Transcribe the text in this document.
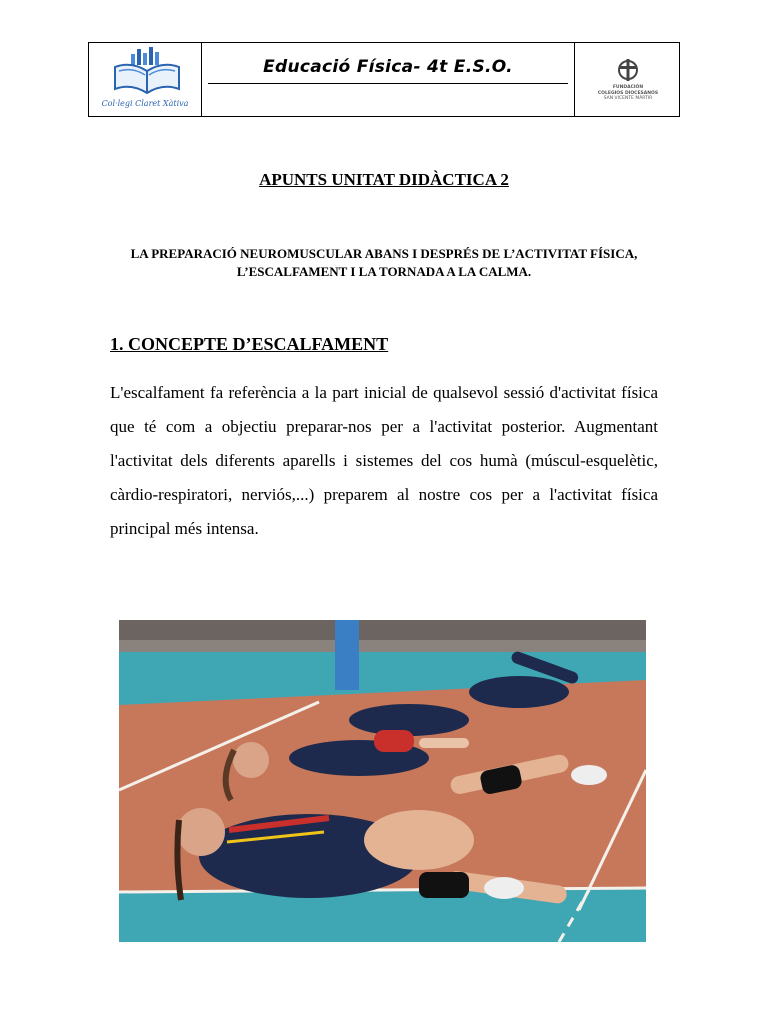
Col·legi Claret Xàtiva
Educació Física- 4t E.S.O.
FUNDACIÓN
COLEGIOS DIOCESANOS
SAN VICENTE MÁRTIR
APUNTS UNITAT DIDÀCTICA 2
LA PREPARACIÓ NEUROMUSCULAR ABANS I DESPRÉS DE L’ACTIVITAT FÍSICA, L’ESCALFAMENT I LA TORNADA A LA CALMA.
1. CONCEPTE D’ESCALFAMENT
L'escalfament fa referència a la part inicial de qualsevol sessió d'activitat física que té com a objectiu preparar-nos per a l'activitat posterior. Augmentant l'activitat dels diferents aparells i sistemes del cos humà (múscul-esquelètic, càrdio-respiratori, nerviós,...) preparem al nostre cos per a l'activitat física principal més intensa.
